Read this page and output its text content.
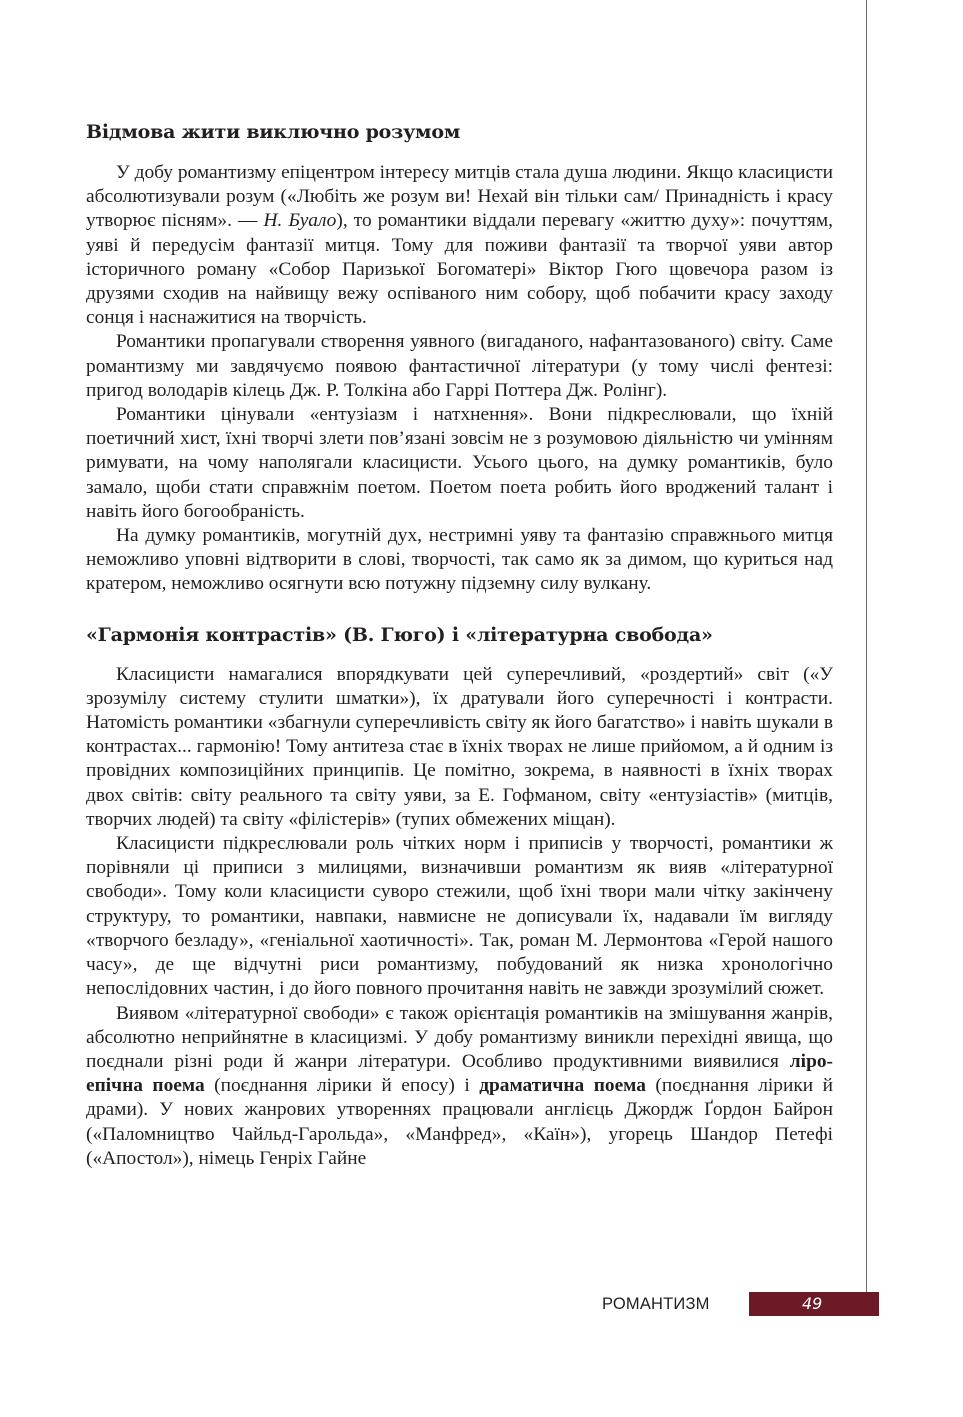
Відмова жити виключно розумом

У добу романтизму епіцентром інтересу митців стала душа людини. Якщо класицисти абсолютизували розум («Любіть же розум ви! Нехай він тільки сам/ Принадність і красу утворює пісням». — Н. Буало), то романтики віддали перевагу «життю духу»: почуттям, уяві й передусім фантазії митця. Тому для поживи фантазії та творчої уяви автор історичного роману «Собор Паризької Богоматері» Віктор Гюго щовечора разом із друзями сходив на найвищу вежу оспіваного ним собору, щоб побачити красу заходу сонця і наснажитися на творчість.

Романтики пропагували створення уявного (вигаданого, нафантазованого) світу. Саме романтизму ми завдячуємо появою фантастичної літератури (у тому числі фентезі: пригод володарів кілець Дж. Р. Толкіна або Гаррі Поттера Дж. Ролінг).

Романтики цінували «ентузіазм і натхнення». Вони підкреслювали, що їхній поетичний хист, їхні творчі злети пов’язані зовсім не з розумовою діяльністю чи умінням римувати, на чому наполягали класицисти. Усього цього, на думку романтиків, було замало, щоби стати справжнім поетом. Поетом поета робить його вроджений талант і навіть його богообраність.

На думку романтиків, могутній дух, нестримні уяву та фантазію справжнього митця неможливо уповні відтворити в слові, творчості, так само як за димом, що куриться над кратером, неможливо осягнути всю потужну підземну силу вулкану.

«Гармонія контрастів» (В. Гюго) і «літературна свобода»

Класицисти намагалися впорядкувати цей суперечливий, «роздертий» світ («У зрозумілу систему стулити шматки»), їх дратували його суперечності і контрасти. Натомість романтики «збагнули суперечливість світу як його багатство» і навіть шукали в контрастах... гармонію! Тому антитеза стає в їхніх творах не лише прийомом, а й одним із провідних композиційних принципів. Це помітно, зокрема, в наявності в їхніх творах двох світів: світу реального та світу уяви, за Е. Гофманом, світу «ентузіастів» (митців, творчих людей) та світу «філістерів» (тупих обмежених міщан).

Класицисти підкреслювали роль чітких норм і приписів у творчості, романтики ж порівняли ці приписи з милицями, визначивши романтизм як вияв «літературної свободи». Тому коли класицисти суворо стежили, щоб їхні твори мали чітку закінчену структуру, то романтики, навпаки, навмисне не дописували їх, надавали їм вигляду «творчого безладу», «геніальної хаотичності». Так, роман М. Лермонтова «Герой нашого часу», де ще відчутні риси романтизму, побудований як низка хронологічно непослідовних частин, і до його повного прочитання навіть не завжди зрозумілий сюжет.

Виявом «літературної свободи» є також орієнтація романтиків на змішування жанрів, абсолютно неприйнятне в класицизмі. У добу романтизму виникли перехідні явища, що поєднали різні роди й жанри літератури. Особливо продуктивними виявилися ліро-епічна поема (поєднання лірики й епосу) і драматична поема (поєднання лірики й драми). У нових жанрових утвореннях працювали англієць Джордж Ґордон Байрон («Паломництво Чайльд-Гарольда», «Манфред», «Каїн»), угорець Шандор Петефі («Апостол»), німець Генріх Гайне

РОМАНТИЗМ	49
